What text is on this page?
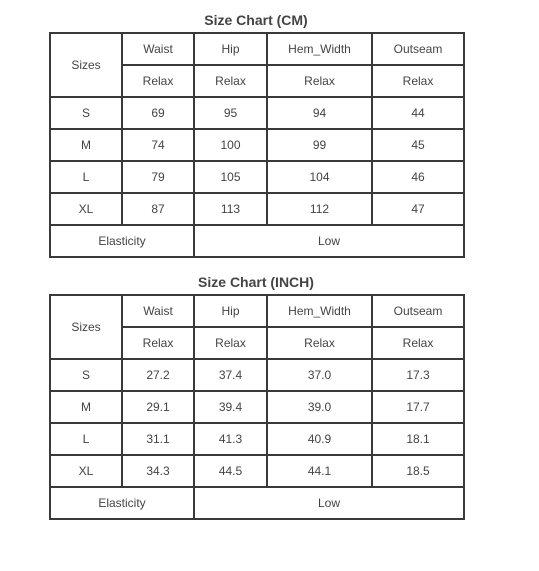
Size Chart (CM)
Sizes	Waist	Hip	Hem_Width	Outseam
	Relax	Relax	Relax	Relax
S	69	95	94	44
M	74	100	99	45
L	79	105	104	46
XL	87	113	112	47
Elasticity		Low		
Size Chart (INCH)
Sizes	Waist	Hip	Hem_Width	Outseam
	Relax	Relax	Relax	Relax
S	27.2	37.4	37.0	17.3
M	29.1	39.4	39.0	17.7
L	31.1	41.3	40.9	18.1
XL	34.3	44.5	44.1	18.5
Elasticity		Low		
